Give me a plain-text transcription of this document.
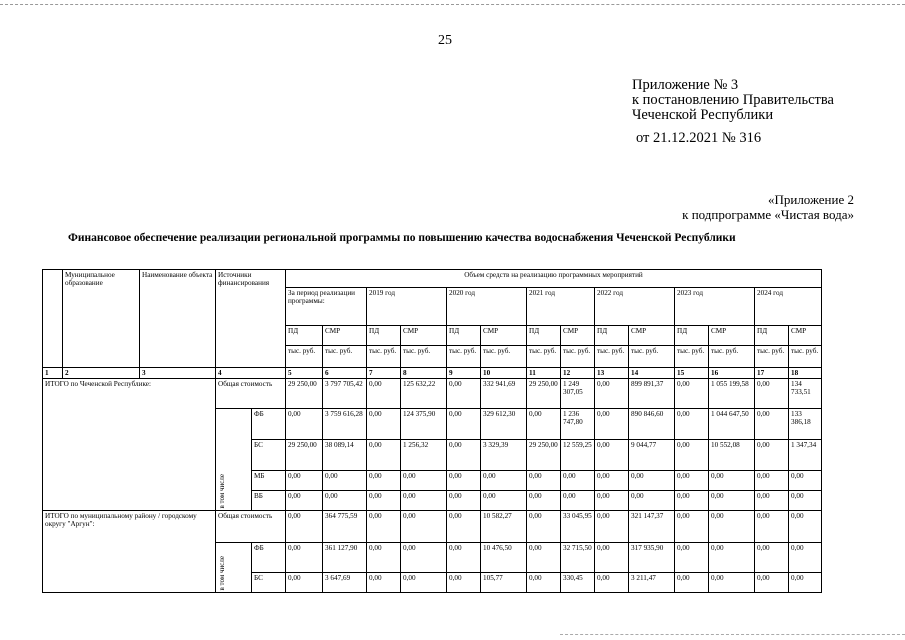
25
Приложение № 3
к постановлению Правительства
Чеченской Республики
от 21.12.2021 № 316
«Приложение 2
к подпрограмме «Чистая вода»
Финансовое обеспечение реализации региональной программы по повышению качества водоснабжения Чеченской Республики
	Муниципальное образование	Наименование объекта	Источники финансирования		Объем средств на реализацию программных мероприятий													
					За период реализации программы:		2019 год		2020 год		2021 год		2022 год		2023 год		2024 год	
					ПД	СМР	ПД	СМР	ПД	СМР	ПД	СМР	ПД	СМР	ПД	СМР	ПД	СМР
					тыс. руб.	тыс. руб.	тыс. руб.	тыс. руб.	тыс. руб.	тыс. руб.	тыс. руб.	тыс. руб.	тыс. руб.	тыс. руб.	тыс. руб.	тыс. руб.	тыс. руб.	тыс. руб.

1	2	3	4		5	6	7	8	9	10	11	12	13	14	15	16	17	18
ИТОГО по Чеченской Республике:			Общая стоимость		29 250,00	3 797 705,42	0,00	125 632,22	0,00	332 941,69	29 250,00	1 249 307,05	0,00	899 891,37	0,00	1 055 199,58	0,00	134 733,51

			в том числе	ФБ	0,00	3 759 616,28	0,00	124 375,90	0,00	329 612,30	0,00	1 236 747,80	0,00	890 846,60	0,00	1 044 647,50	0,00	133 386,18
				БС	29 250,00	38 089,14	0,00	1 256,32	0,00	3 329,39	29 250,00	12 559,25	0,00	9 044,77	0,00	10 552,08	0,00	1 347,34
				МБ	0,00	0,00	0,00	0,00	0,00	0,00	0,00	0,00	0,00	0,00	0,00	0,00	0,00	0,00
				ВБ	0,00	0,00	0,00	0,00	0,00	0,00	0,00	0,00	0,00	0,00	0,00	0,00	0,00	0,00
ИТОГО по муниципальному району / городскому округу "Аргун":			Общая стоимость		0,00	364 775,59	0,00	0,00	0,00	10 582,27	0,00	33 045,95	0,00	321 147,37	0,00	0,00	0,00	0,00

			в том числе	ФБ	0,00	361 127,90	0,00	0,00	0,00	10 476,50	0,00	32 715,50	0,00	317 935,90	0,00	0,00	0,00	0,00
				БС	0,00	3 647,69	0,00	0,00	0,00	105,77	0,00	330,45	0,00	3 211,47	0,00	0,00	0,00	0,00
